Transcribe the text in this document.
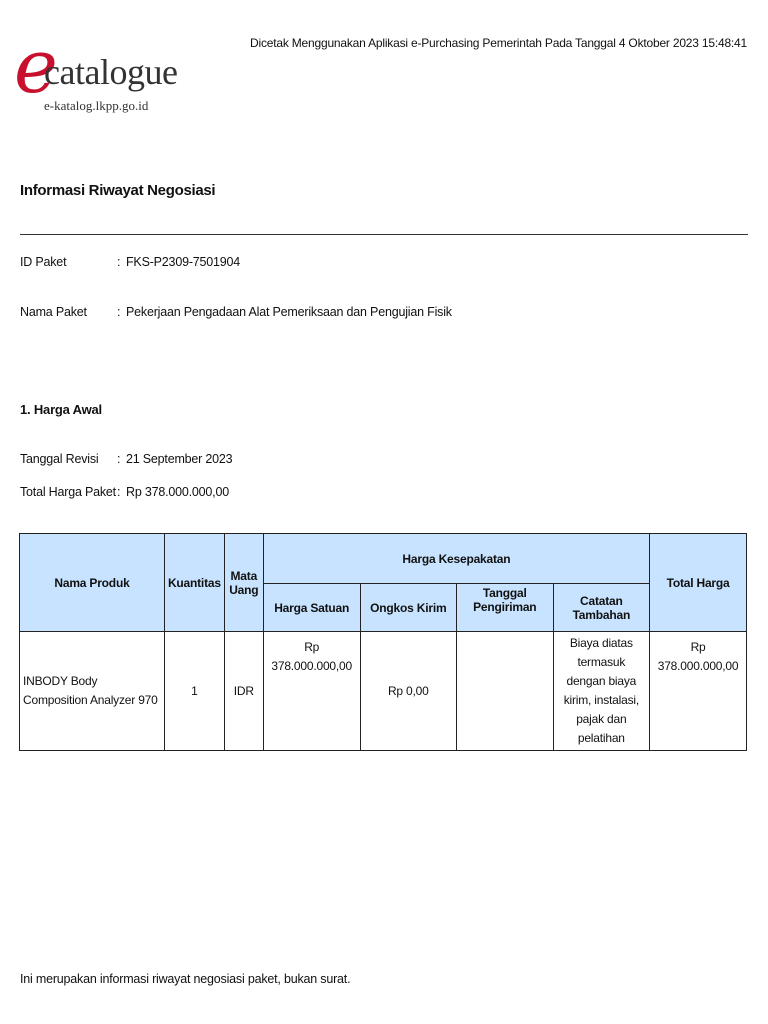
e
catalogue
e-katalog.lkpp.go.id
Dicetak Menggunakan Aplikasi e-Purchasing Pemerintah Pada Tanggal 4 Oktober 2023 15:48:41
Informasi Riwayat Negosiasi
ID Paket	: FKS-P2309-7501904
Nama Paket	: Pekerjaan Pengadaan Alat Pemeriksaan dan Pengujian Fisik
1. Harga Awal
Tanggal Revisi	: 21 September 2023
Total Harga Paket : Rp 378.000.000,00
Nama Produk	Kuantitas	Mata Uang	Harga Kesepakatan				Total Harga
			Harga Satuan	Ongkos Kirim	Tanggal Pengiriman	Catatan Tambahan	
INBODY Body Composition Analyzer 970	1	IDR	Rp 378.000.000,00	Rp 0,00		Biaya diatas termasuk dengan biaya kirim, instalasi, pajak dan pelatihan	Rp 378.000.000,00
Ini merupakan informasi riwayat negosiasi paket, bukan surat.
